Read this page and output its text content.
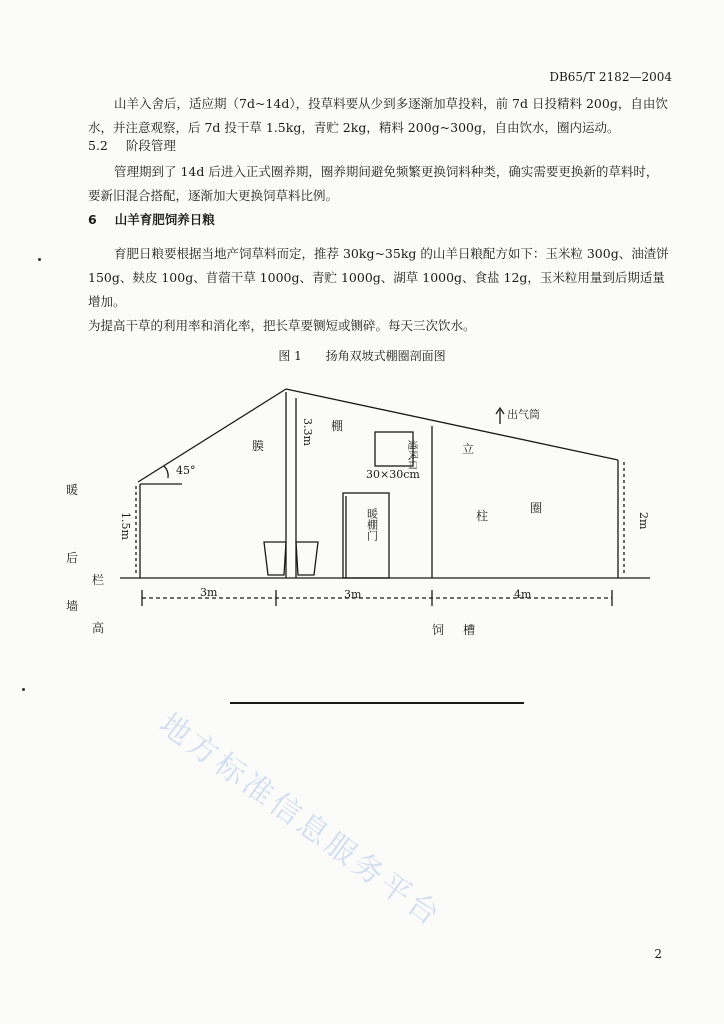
DB65/T 2182—2004
山羊入舍后，适应期（7d~14d），投草料要从少到多逐渐加草投料，前 7d 日投精料 200g，自由饮
水，并注意观察，后 7d 投干草 1.5kg，青贮 2kg，精料 200g~300g，自由饮水，圈内运动。
5.2 阶段管理
管理期到了 14d 后进入正式圈养期，圈养期间避免频繁更换饲料种类，确实需要更换新的草料时，
要新旧混合搭配，逐渐加大更换饲草料比例。
6 山羊育肥饲养日粮
育肥日粮要根据当地产饲草料而定，推荐 30kg~35kg 的山羊日粮配方如下：玉米粒 300g、油渣饼
150g、麸皮 100g、苜蓿干草 1000g、青贮 1000g、湖草 1000g、食盐 12g，玉米粒用量到后期适量增加。
为提高干草的利用率和消化率，把长草要铡短或铡碎。每天三次饮水。
图 1 扬角双坡式棚圈剖面图
3.3m 棚
膜
出气筒
通风口
30×30cm
暖棚门
立
柱
圈
45°
1.5m	2m
3m	3m	4m
暖
后
墙
高
栏
饲     槽
地方标准信息服务平台
2
